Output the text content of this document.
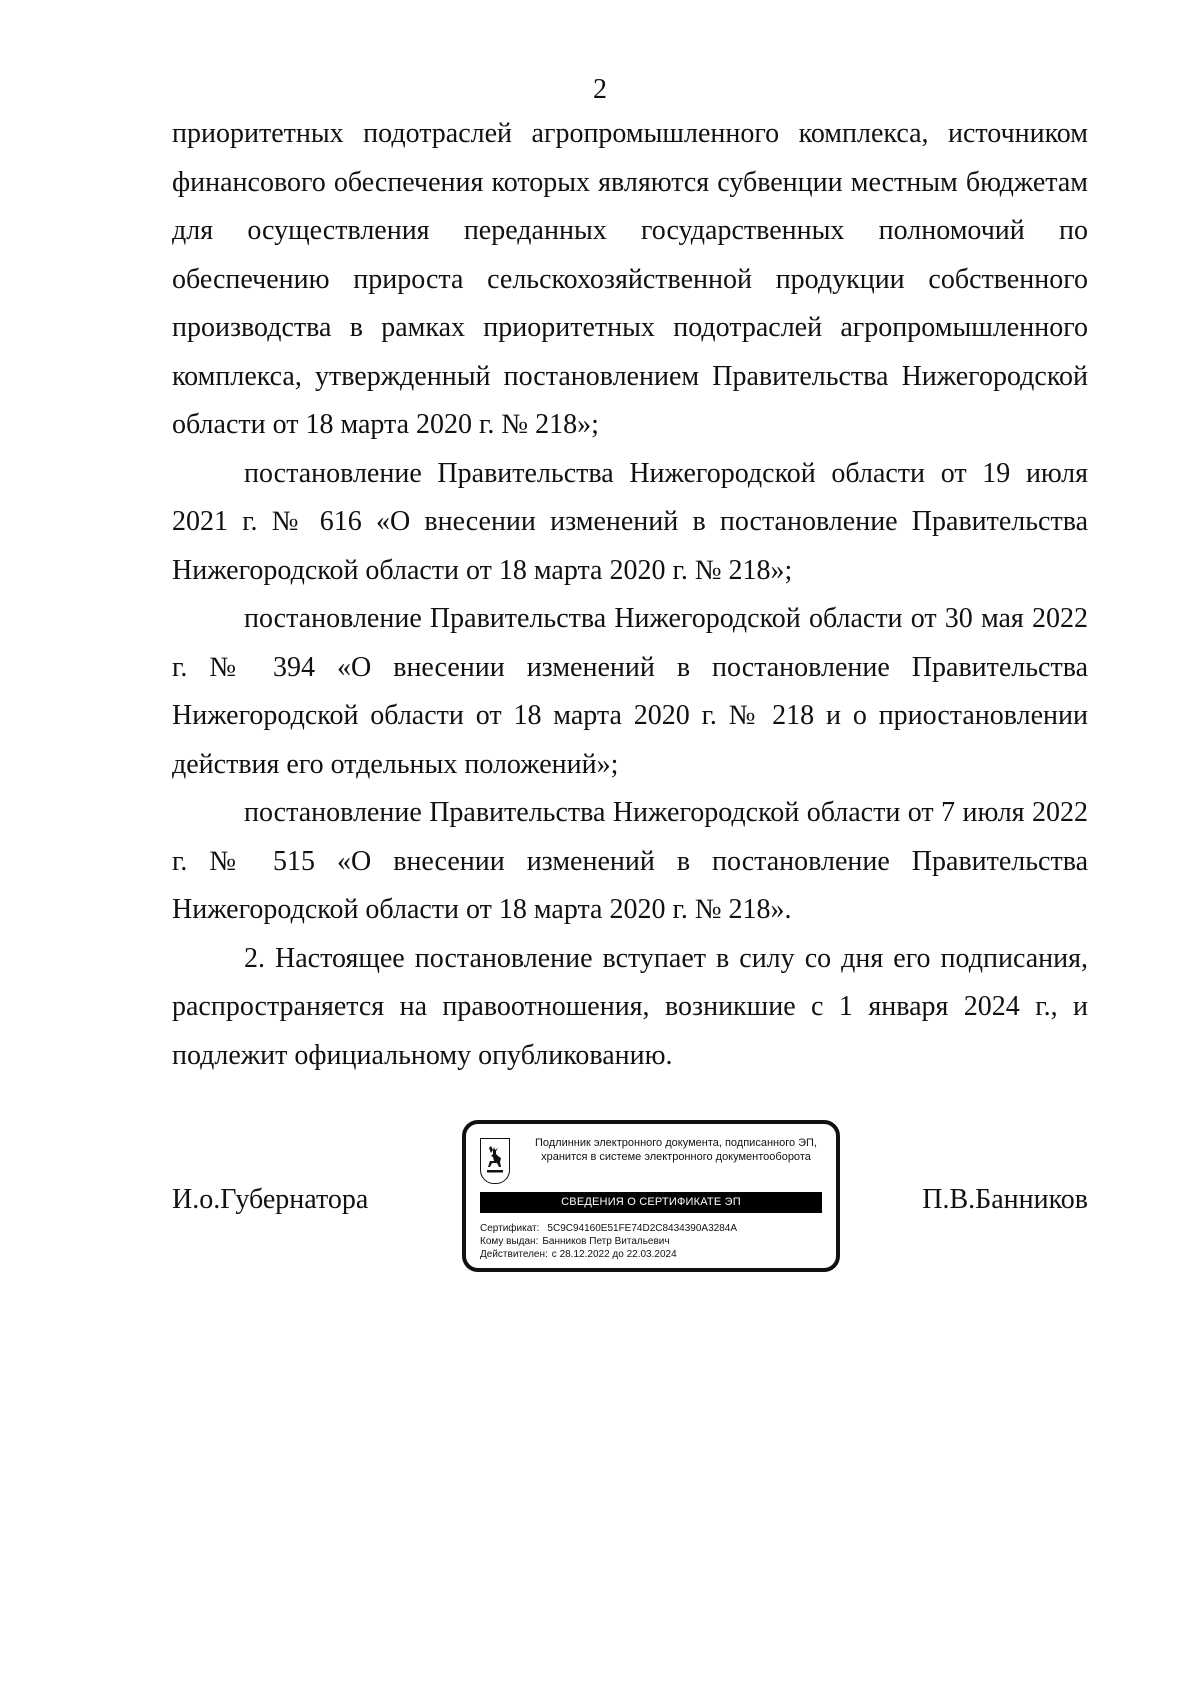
2

приоритетных подотраслей агропромышленного комплекса, источником финансового обеспечения которых являются субвенции местным бюджетам для осуществления переданных государственных полномочий по обеспечению прироста сельскохозяйственной продукции собственного производства в рамках приоритетных подотраслей агропромышленного комплекса, утвержденный постановлением Правительства Нижегородской области от 18 марта 2020 г. № 218»;

постановление Правительства Нижегородской области от 19 июля 2021 г. № 616 «О внесении изменений в постановление Правительства Нижегородской области от 18 марта 2020 г. № 218»;

постановление Правительства Нижегородской области от 30 мая 2022 г. № 394 «О внесении изменений в постановление Правительства Нижегородской области от 18 марта 2020 г. № 218 и о приостановлении действия его отдельных положений»;

постановление Правительства Нижегородской области от 7 июля 2022 г. № 515 «О внесении изменений в постановление Правительства Нижегородской области от 18 марта 2020 г. № 218».

2. Настоящее постановление вступает в силу со дня его подписания, распространяется на правоотношения, возникшие с 1 января 2024 г., и подлежит официальному опубликованию.

И.о.Губернатора
Подлинник электронного документа, подписанного ЭП,
хранится в системе электронного документооборота
СВЕДЕНИЯ О СЕРТИФИКАТЕ ЭП
Сертификат: 5C9C94160E51FE74D2C8434390A3284A
Кому выдан: Банников Петр Витальевич
Действителен: с 28.12.2022 до 22.03.2024
П.В.Банников
